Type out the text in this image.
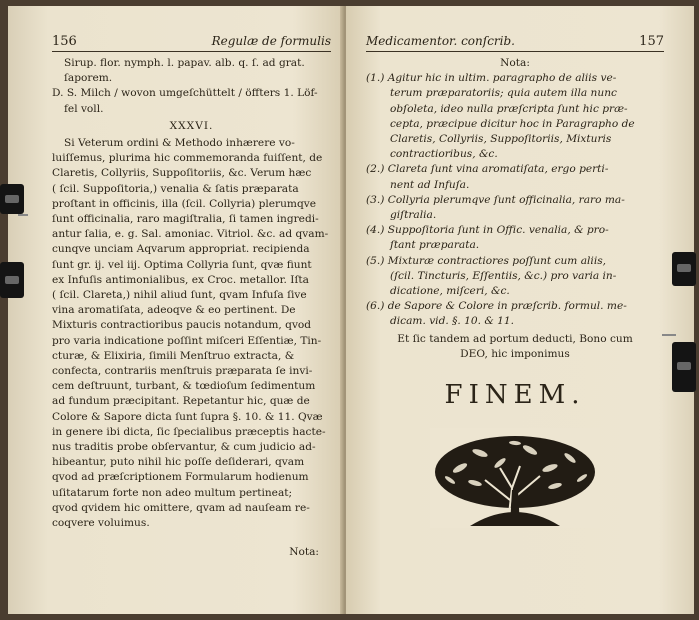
156	Regulæ de formulis
Sirup. flor. nymph. l. papav. alb. q. ſ. ad grat.
ſaporem.
D. S. Milch / wovon umgeſchüttelt / öffters 1. Löf-
fel voll.
XXXVI.
Si Veterum ordini & Methodo inhærere vo-
luiſſemus, plurima hic commemoranda fuiſſent, de
Claretis, Collyriis, Suppoſitoriis, &c. Verum hæc
( ſcil. Suppoſitoria,) venalia & ſatis præparata
proſtant in officinis, illa (ſcil. Collyria) plerumqve
ſunt officinalia, raro magiſtralia, ſi tamen ingredi-
antur ſalia, e. g. Sal. amoniac. Vitriol. &c. ad qvam-
cunqve unciam Aqvarum appropriat. recipienda
ſunt gr. ij. vel iij. Optima Collyria ſunt, qvæ fiunt
ex Infuſis antimonialibus, ex Croc. metallor. Iſta
( ſcil. Clareta,) nihil aliud ſunt, qvam Infuſa ſive
vina aromatiſata, adeoqve & eo pertinent. De
Mixturis contractioribus paucis notandum, qvod
pro varia indicatione poſſint miſceri Eſſentiæ, Tin-
cturæ, & Elixiria, ſimili Menſtruo extracta, &
confecta, contrariis menſtruis præparata ſe invi-
cem deſtruunt, turbant, & tœdioſum ſedimentum
ad fundum præcipitant. Repetantur hic, quæ de
Colore & Sapore dicta ſunt ſupra §. 10. & 11. Qvæ
in genere ibi dicta, ſic ſpecialibus præceptis hacte-
nus traditis probe obſervantur, & cum judicio ad-
hibeantur, puto nihil hic poſſe deſiderari, qvam
qvod ad præſcriptionem Formularum hodienum
uſitatarum forte non adeo multum pertineat;
qvod qvidem hic omittere, qvam ad nauſeam re-
coqvere voluimus.
Nota:
Medicamentor. conſcrib.	157
Nota:
(1.) Agitur hic in ultim. paragrapho de aliis ve-
terum præparatoriis; quia autem illa nunc
obſoleta, ideo nulla præſcripta ſunt hic præ-
cepta, præcipue dicitur hoc in Paragrapho de
Claretis, Collyriis, Suppoſitoriis, Mixturis
contractioribus, &c.
(2.) Clareta ſunt vina aromatiſata, ergo perti-
nent ad Infuſa.
(3.) Collyria plerumqve ſunt officinalia, raro ma-
giſtralia.
(4.) Suppoſitoria ſunt in Offic. venalia, & pro-
ſtant præparata.
(5.) Mixturæ contractiores poſſunt cum aliis,
(ſcil. Tincturis, Eſſentiis, &c.) pro varia in-
dicatione, miſceri, &c.
(6.) de Sapore & Colore in præſcrib. formul. me-
dicam. vid. §. 10. & 11.
Et ſic tandem ad portum deducti, Bono cum
DEO, hic imponimus
FINEM.
